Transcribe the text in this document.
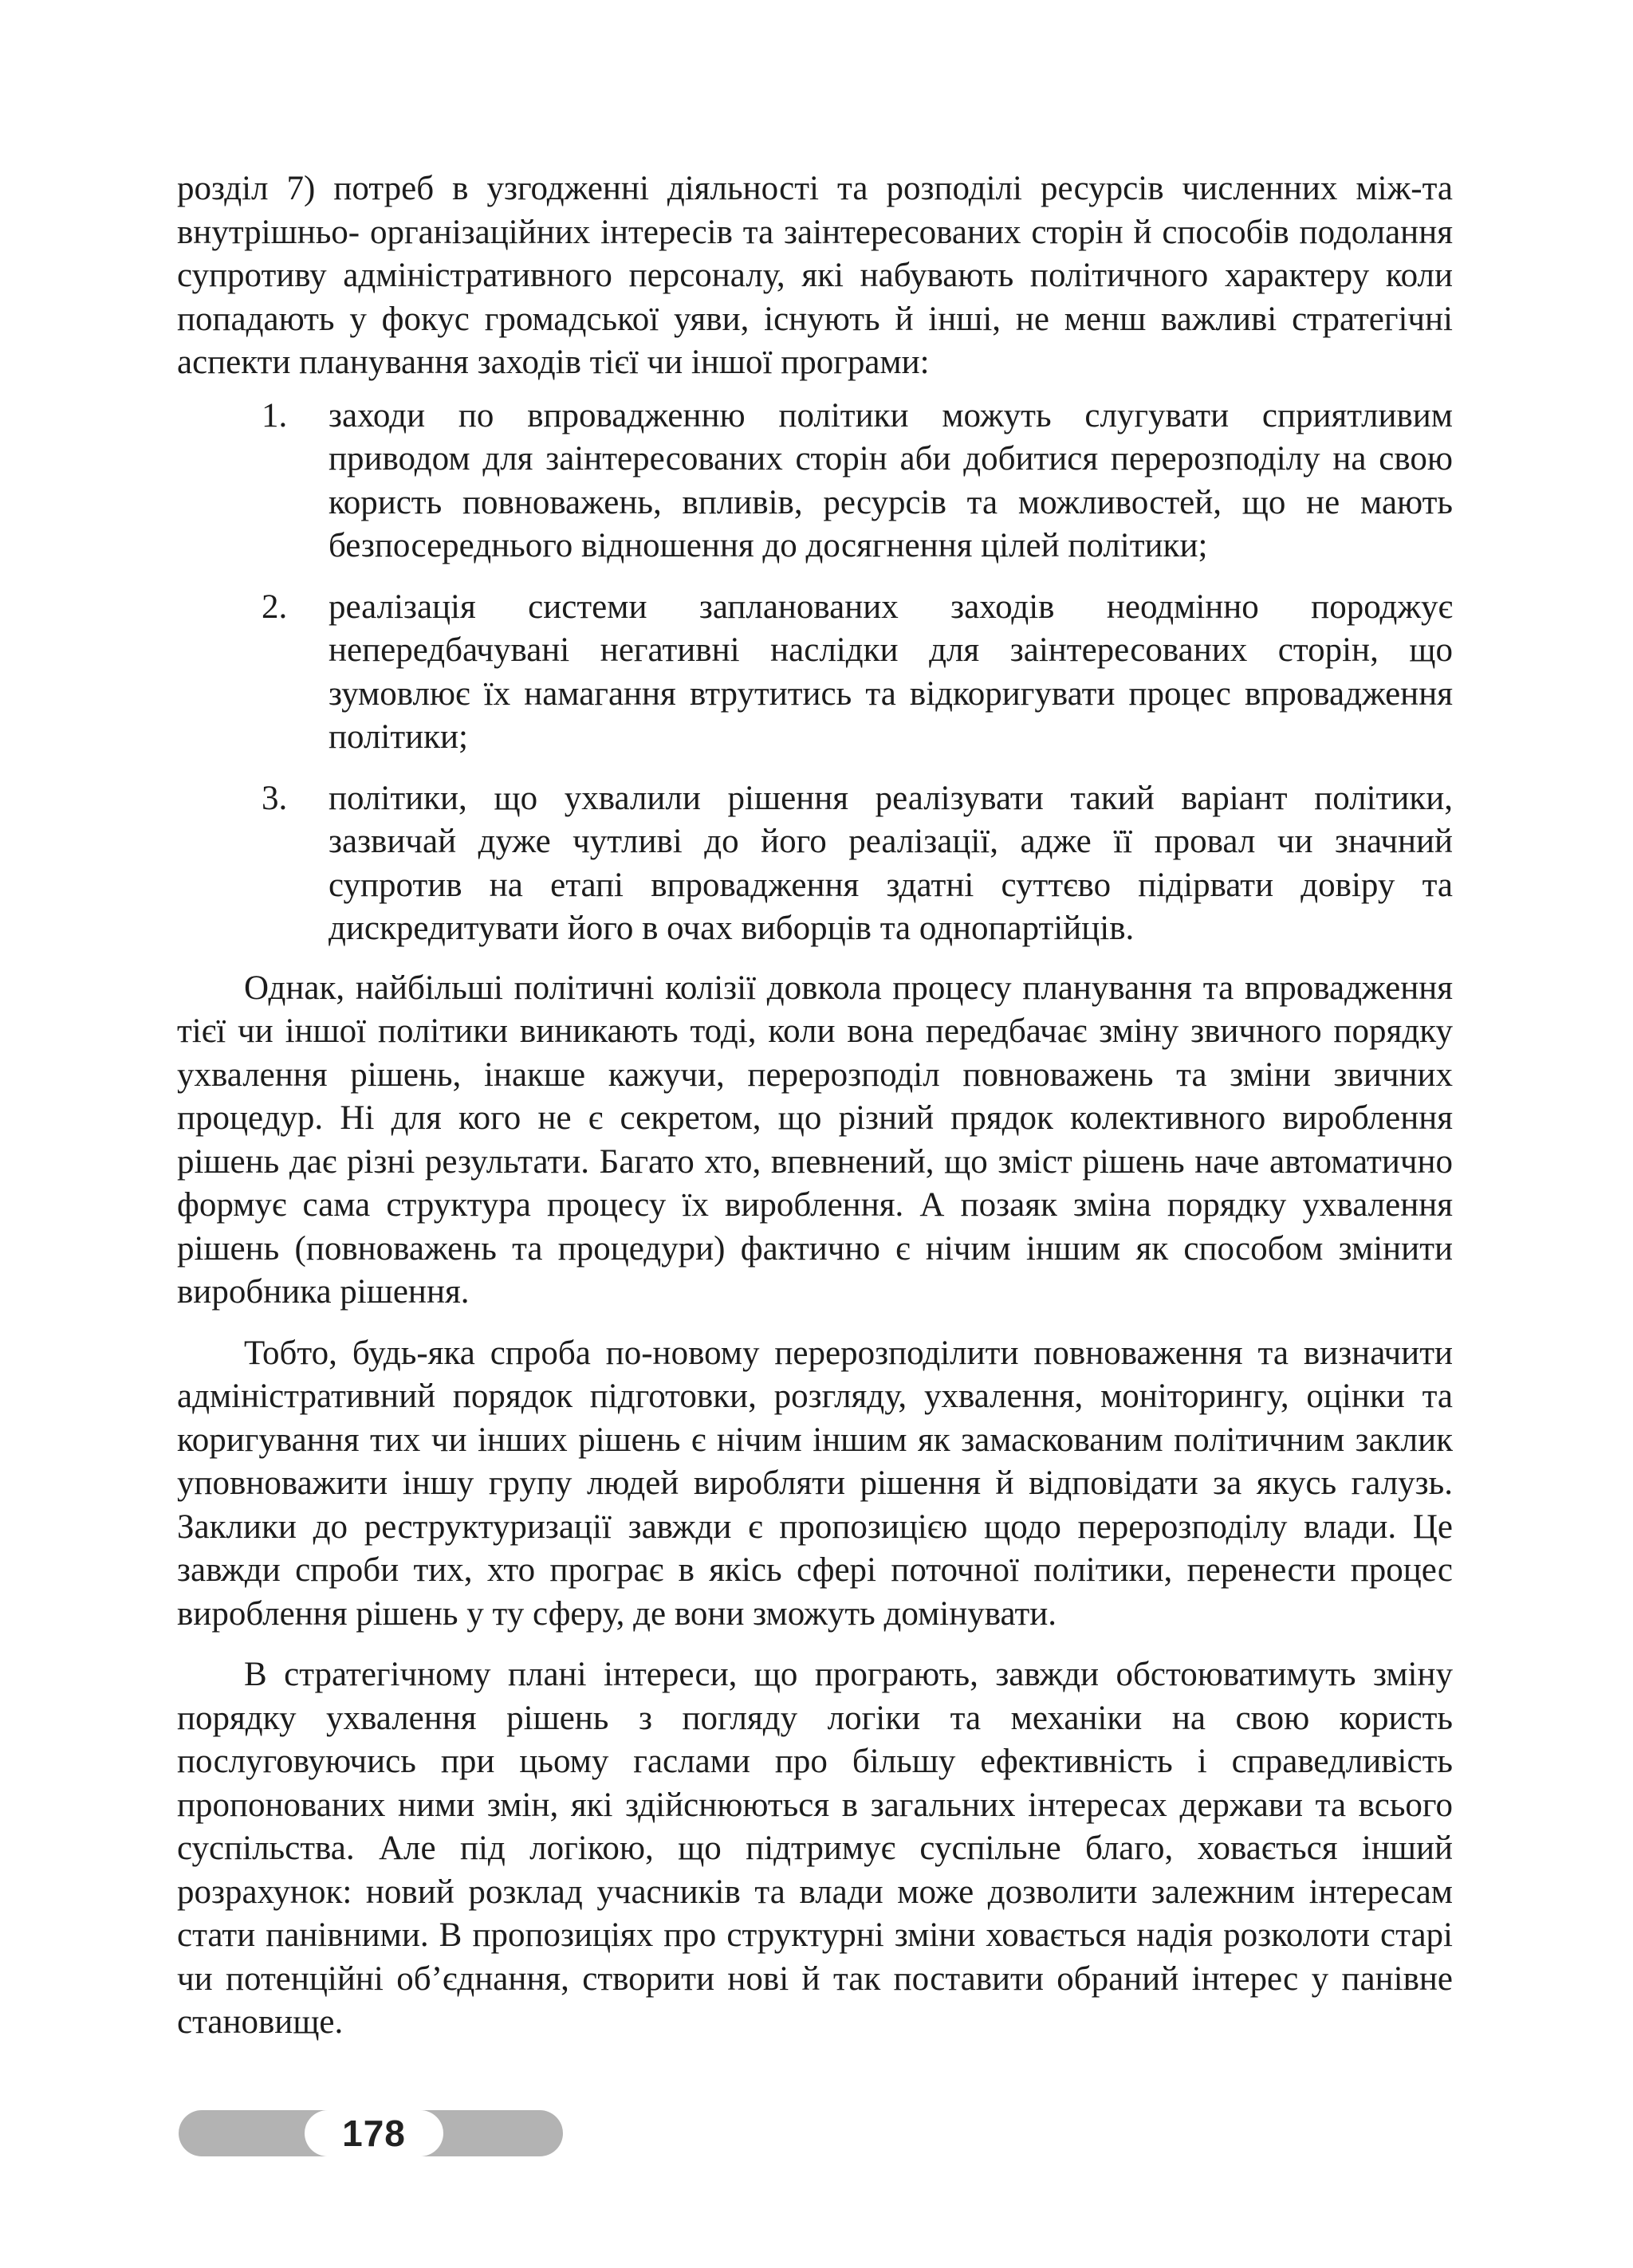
розділ 7) потреб в узгодженні діяльності та розподілі ресурсів численних між-та внутрішньо- організаційних інтересів та заінтересованих сторін й способів подолання супротиву адміністративного персоналу, які набувають політичного характеру коли попадають у фокус громадської уяви, існують й інші, не менш важливі стратегічні аспекти планування заходів тієї чи іншої програми:

1. заходи по впровадженню політики можуть слугувати сприятливим приводом для заінтересованих сторін аби добитися перерозподілу на свою користь повноважень, впливів, ресурсів та можливостей, що не мають безпосереднього відношення до досягнення цілей політики;
2. реалізація системи запланованих заходів неодмінно породжує непередбачувані негативні наслідки для заінтересованих сторін, що зумовлює їх намагання втрутитись та відкоригувати процес впровадження політики;
3. політики, що ухвалили рішення реалізувати такий варіант політики, зазвичай дуже чутливі до його реалізації, адже її провал чи значний супротив на етапі впровадження здатні суттєво підірвати довіру та дискредитувати його в очах виборців та однопартійців.

Однак, найбільші політичні колізії довкола процесу планування та впровадження тієї чи іншої політики виникають тоді, коли вона передбачає зміну звичного порядку ухвалення рішень, інакше кажучи, перерозподіл повноважень та зміни звичних процедур. Ні для кого не є секретом, що різний прядок колективного вироблення рішень дає різні результати. Багато хто, впевнений, що зміст рішень наче автоматично формує сама структура процесу їх вироблення. А позаяк зміна порядку ухвалення рішень (повноважень та процедури) фактично є нічим іншим як способом змінити виробника рішення.

Тобто, будь-яка спроба по-новому перерозподілити повноваження та визначити адміністративний порядок підготовки, розгляду, ухвалення, моніторингу, оцінки та коригування тих чи інших рішень є нічим іншим як замаскованим політичним заклик уповноважити іншу групу людей виробляти рішення й відповідати за якусь галузь. Заклики до реструктуризації завжди є пропозицією щодо перерозподілу влади. Це завжди спроби тих, хто програє в якісь сфері поточної політики, перенести процес вироблення рішень у ту сферу, де вони зможуть домінувати.

В стратегічному плані інтереси, що програють, завжди обстоюватимуть зміну порядку ухвалення рішень з погляду логіки та механіки на свою користь послуговуючись при цьому гаслами про більшу ефективність і справедливість пропонованих ними змін, які здійснюються в загальних інтересах держави та всього суспільства. Але під логікою, що підтримує суспільне благо, ховається інший розрахунок: новий розклад учасників та влади може дозволити залежним інтересам стати панівними. В пропозиціях про структурні зміни ховається надія розколоти старі чи потенційні об’єднання, створити нові й так поставити обраний інтерес у панівне становище.

178
